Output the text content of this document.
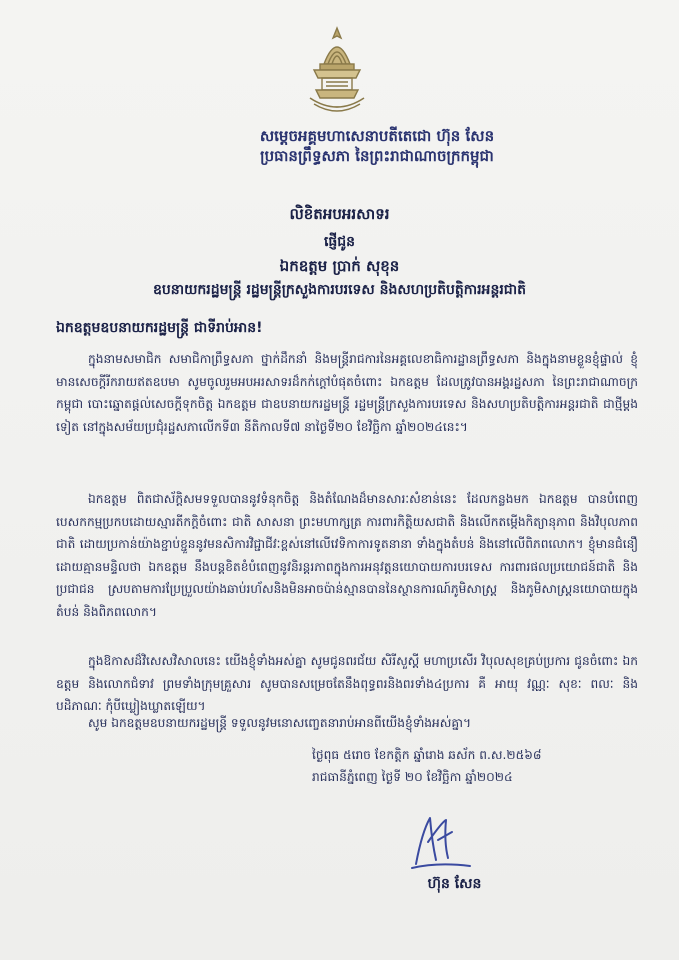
សម្តេចអគ្គមហាសេនាបតីតេជោ ហ៊ុន សែន
ប្រធានព្រឹទ្ធសភា នៃព្រះរាជាណាចក្រកម្ពុជា
លិខិតអបអរសាទរ
ផ្ញើជូន
ឯកឧត្តម ប្រាក់ សុខុន
ឧបនាយករដ្ឋមន្ត្រី រដ្ឋមន្ត្រីក្រសួងការបរទេស និងសហប្រតិបត្តិការអន្តរជាតិ
ឯកឧត្តមឧបនាយករដ្ឋមន្ត្រី ជាទីរាប់អាន!
ក្នុងនាមសមាជិក សមាជិកាព្រឹទ្ធសភា ថ្នាក់ដឹកនាំ និងមន្ត្រីរាជការនៃអគ្គលេខាធិការដ្ឋានព្រឹទ្ធសភា និងក្នុងនាមខ្លួនខ្ញុំផ្ទាល់ ខ្ញុំមានសេចក្តីរីករាយឥតឧបមា សូមចូលរួមអបអរសាទរដ៏កក់ក្តៅបំផុតចំពោះ ឯកឧត្តម ដែលត្រូវបានអង្គរដ្ឋសភា នៃព្រះរាជាណាចក្រកម្ពុជា បោះឆ្នោតផ្តល់សេចក្តីទុកចិត្ត ឯកឧត្តម ជាឧបនាយករដ្ឋមន្ត្រី រដ្ឋមន្ត្រីក្រសួងការបរទេស និងសហប្រតិបត្តិការអន្តរជាតិ ជាថ្មីម្តងទៀត នៅក្នុងសម័យប្រជុំរដ្ឋសភាលើកទី៣ នីតិកាលទី៧ នាថ្ងៃទី២០ ខែវិច្ឆិកា ឆ្នាំ២០២៤នេះ។
ឯកឧត្តម ពិតជាស័ក្តិសមទទួលបាននូវទំនុកចិត្ត និងតំណែងដ៏មានសារៈសំខាន់នេះ ដែលកន្លងមក ឯកឧត្តម បានបំពេញបេសកកម្មប្រកបដោយស្មារតីកក្តិចំពោះ ជាតិ សាសនា ព្រះមហាក្សត្រ ការពារកិត្តិយសជាតិ និងលើកតម្កើងកិត្យានុភាព និងវិបុលភាពជាតិ ដោយប្រកាន់យ៉ាងខ្ជាប់ខ្ជួននូវមនសិការវិជ្ជាជីវៈខ្ពស់នៅលើវេទិកាការទូតនានា ទាំងក្នុងតំបន់ និងនៅលើពិភពលោក។ ខ្ញុំមានជំនឿដោយគ្មានមន្ទិលថា ឯកឧត្តម នឹងបន្តខិតខំបំពេញនូវនិរន្តរភាពក្នុងការអនុវត្តនយោបាយការបរទេស ការពារផលប្រយោជន៍ជាតិ និងប្រជាជន ស្របតាមការប្រែប្រួលយ៉ាងឆាប់រហ័សនិងមិនអាចប៉ាន់ស្មានបាននៃស្ថានការណ៍ភូមិសាស្ត្រ និងភូមិសាស្ត្រនយោបាយក្នុងតំបន់ និងពិភពលោក។
ក្នុងឱកាសដ៏វិសេសវិសាលនេះ យើងខ្ញុំទាំងអស់គ្នា សូមជូនពរជ័យ សិរីសួស្តី មហាប្រសើរ វិបុលសុខគ្រប់ប្រការ ជូនចំពោះ ឯកឧត្តម និងលោកជំទាវ ព្រមទាំងក្រុមគ្រួសារ សូមបានសម្រេចតែនឹងពុទ្ធពរនិងពរទាំង៤ប្រការ គឺ អាយុ វណ្ណៈ សុខៈ ពលៈ និង បដិភាណៈ កុំបីឃ្លៀងឃ្លាតឡើយ។
សូម ឯកឧត្តមឧបនាយករដ្ឋមន្ត្រី ទទួលនូវមនោសញ្ចេតនារាប់អានពីយើងខ្ញុំទាំងអស់គ្នា។
ថ្ងៃពុធ ៥រោច ខែកត្តិក ឆ្នាំរោង ឆស័ក ព.ស.២៥៦៨
រាជធានីភ្នំពេញ ថ្ងៃទី ២០ ខែវិច្ឆិកា ឆ្នាំ២០២៤
ហ៊ុន សែន
